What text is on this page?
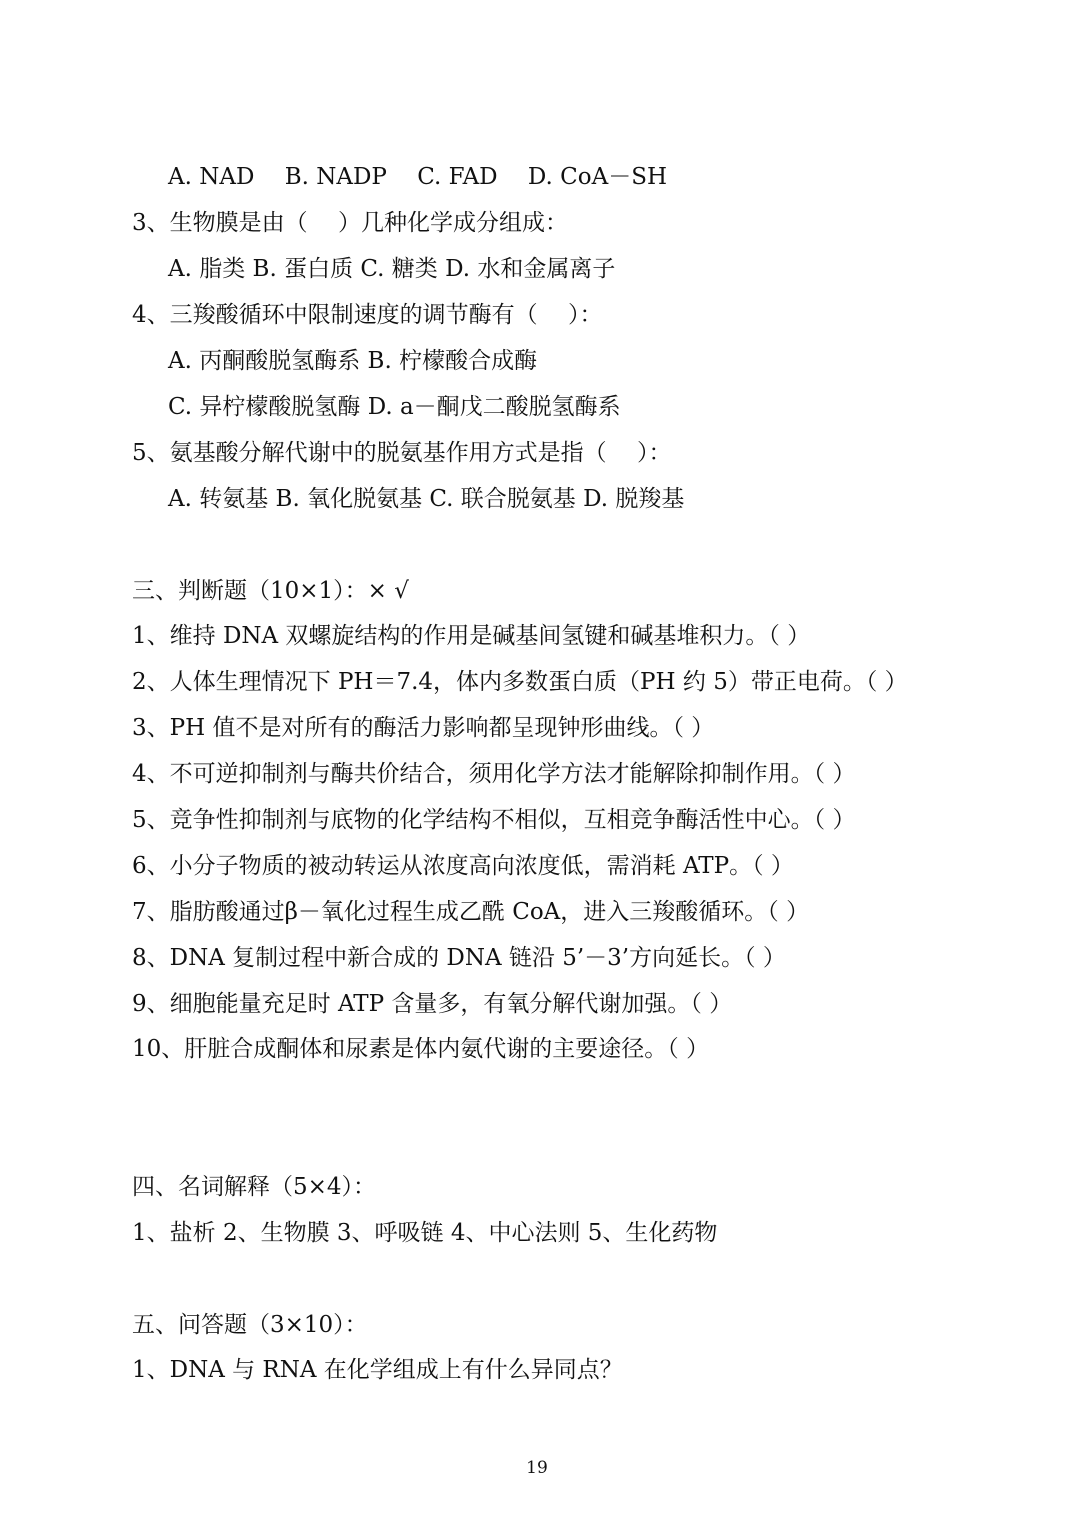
A. NAD　 B. NADP　 C. FAD　 D. CoA－SH
3、生物膜是由（　 ）几种化学成分组成：
A. 脂类 B. 蛋白质 C. 糖类 D. 水和金属离子
4、三羧酸循环中限制速度的调节酶有（　 ）：
A. 丙酮酸脱氢酶系 B. 柠檬酸合成酶
C. 异柠檬酸脱氢酶 D. a－酮戊二酸脱氢酶系
5、氨基酸分解代谢中的脱氨基作用方式是指（　 ）：
A. 转氨基 B. 氧化脱氨基 C. 联合脱氨基 D. 脱羧基
三、判断题（10×1）：× √
1、维持 DNA 双螺旋结构的作用是碱基间氢键和碱基堆积力。（ ）
2、人体生理情况下 PH＝7.4，体内多数蛋白质（PH 约 5）带正电荷。（ ）
3、PH 值不是对所有的酶活力影响都呈现钟形曲线。（ ）
4、不可逆抑制剂与酶共价结合，须用化学方法才能解除抑制作用。（ ）
5、竞争性抑制剂与底物的化学结构不相似，互相竞争酶活性中心。（ ）
6、小分子物质的被动转运从浓度高向浓度低，需消耗 ATP。（ ）
7、脂肪酸通过β－氧化过程生成乙酰 CoA，进入三羧酸循环。（ ）
8、DNA 复制过程中新合成的 DNA 链沿 5’－3’方向延长。（ ）
9、细胞能量充足时 ATP 含量多，有氧分解代谢加强。（ ）
10、肝脏合成酮体和尿素是体内氨代谢的主要途径。（ ）
四、名词解释（5×4）：
1、盐析 2、生物膜 3、呼吸链 4、中心法则 5、生化药物
五、问答题（3×10）：
1、DNA 与 RNA 在化学组成上有什么异同点？
19
